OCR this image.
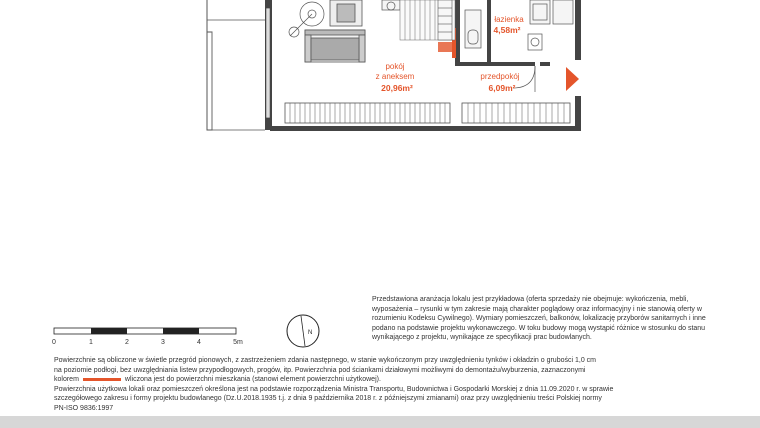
pokój
z aneksem
20,96m²
łazienka
4,58m²
przedpokój
6,09m²
0	1	2	3	4	5m
N
Przedstawiona aranżacja lokalu jest przykładowa (oferta sprzedaży nie obejmuje: wykończenia, mebli, wyposażenia – rysunki w tym zakresie mają charakter poglądowy oraz informacyjny i nie stanowią oferty w rozumieniu Kodeksu Cywilnego). Wymiary pomieszczeń, balkonów, lokalizację przyborów sanitarnych i inne podano na podstawie projektu wykonawczego. W toku budowy mogą wystąpić różnice w stosunku do stanu wynikającego z projektu, wynikające ze specyfikacji prac budowlanych.

Powierzchnie są obliczone w świetle przegród pionowych, z zastrzeżeniem zdania następnego, w stanie wykończonym przy uwzględnieniu tynków i okładzin o grubości 1,0 cm

na poziomie podłogi, bez uwzględniania listew przypodłogowych, progów, itp. Powierzchnia pod ściankami działowymi możliwymi do demontażu/wyburzenia, zaznaczonymi

kolorem	wliczona jest do powierzchni mieszkania (stanowi element powierzchni użytkowej).

Powierzchnia użytkowa lokali oraz pomieszczeń określona jest na podstawie rozporządzenia Ministra Transportu, Budownictwa i Gospodarki Morskiej z dnia 11.09.2020 r. w sprawie

szczegółowego zakresu i formy projektu budowlanego (Dz.U.2018.1935 t.j. z dnia 9 października 2018 r. z późniejszymi zmianami) oraz przy uwzględnieniu treści Polskiej normy

PN-ISO 9836:1997
